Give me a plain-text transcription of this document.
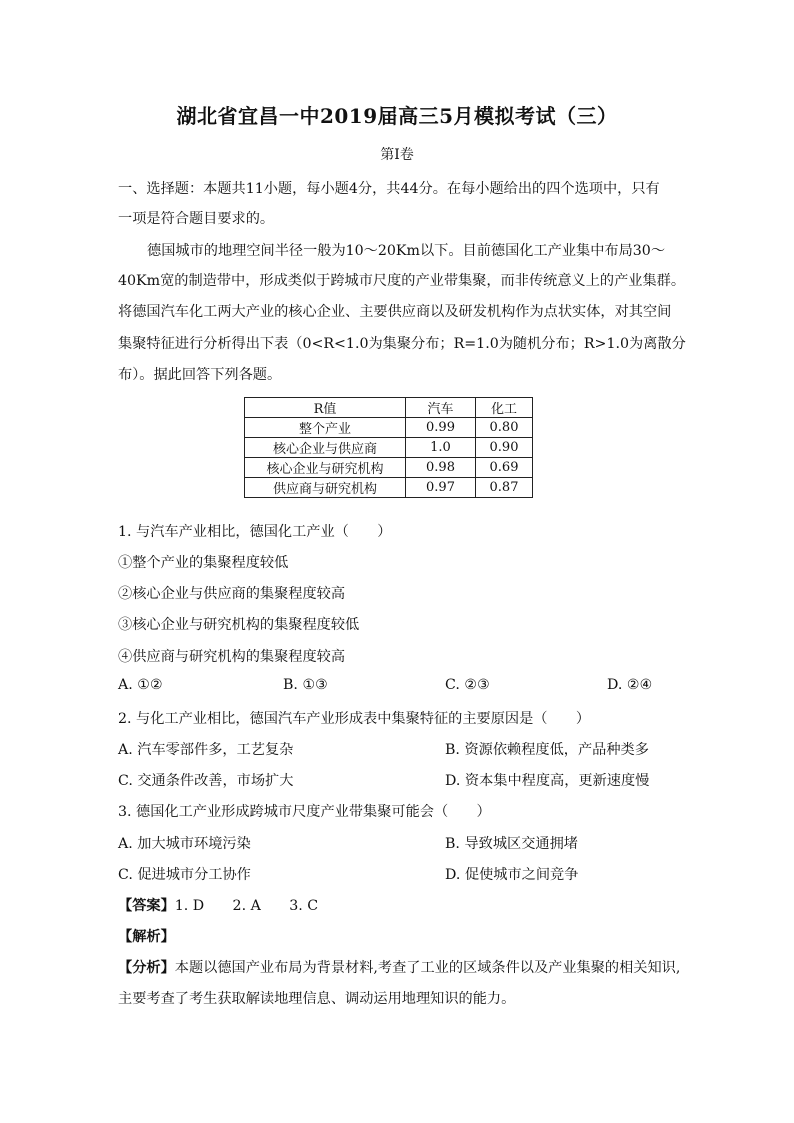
湖北省宜昌一中2019届高三5月模拟考试（三）
第Ⅰ卷
一、选择题：本题共11小题，每小题4分，共44分。在每小题给出的四个选项中，只有
一项是符合题目要求的。
德国城市的地理空间半径一般为10～20Km以下。目前德国化工产业集中布局30～
40Km宽的制造带中，形成类似于跨城市尺度的产业带集聚，而非传统意义上的产业集群。
将德国汽车化工两大产业的核心企业、主要供应商以及研发机构作为点状实体，对其空间
集聚特征进行分析得出下表（0<R<1.0为集聚分布；R=1.0为随机分布；R>1.0为离散分
布）。据此回答下列各题。
R值	汽车	化工
整个产业	0.99	0.80
核心企业与供应商	1.0	0.90
核心企业与研究机构	0.98	0.69
供应商与研究机构	0.97	0.87
1. 与汽车产业相比，德国化工产业（　　）
①整个产业的集聚程度较低
②核心企业与供应商的集聚程度较高
③核心企业与研究机构的集聚程度较低
④供应商与研究机构的集聚程度较高
A. ①②	B. ①③	C. ②③	D. ②④
2. 与化工产业相比，德国汽车产业形成表中集聚特征的主要原因是（　　）
A. 汽车零部件多，工艺复杂	B. 资源依赖程度低，产品种类多
C. 交通条件改善，市场扩大	D. 资本集中程度高，更新速度慢
3. 德国化工产业形成跨城市尺度产业带集聚可能会（　　）
A. 加大城市环境污染	B. 导致城区交通拥堵
C. 促进城市分工协作	D. 促使城市之间竞争
【答案】1. D　　2. A　　3. C
【解析】
【分析】本题以德国产业布局为背景材料,考查了工业的区域条件以及产业集聚的相关知识,
主要考查了考生获取解读地理信息、调动运用地理知识的能力。
